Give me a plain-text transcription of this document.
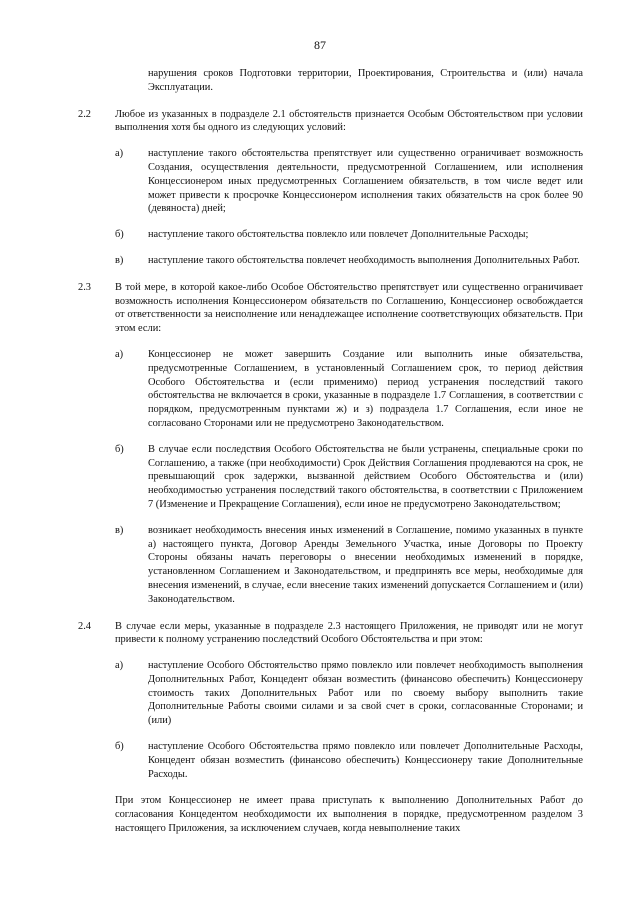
87

нарушения сроков Подготовки территории, Проектирования, Строительства и (или) начала Эксплуатации.

2.2	Любое из указанных в подразделе 2.1 обстоятельств признается Особым Обстоятельством при условии выполнения хотя бы одного из следующих условий:

а)	наступление такого обстоятельства препятствует или существенно ограничивает возможность Создания, осуществления деятельности, предусмотренной Соглашением, или исполнения Концессионером иных предусмотренных Соглашением обязательств, в том числе ведет или может привести к просрочке Концессионером исполнения таких обязательств на срок более 90 (девяноста) дней;

б)	наступление такого обстоятельства повлекло или повлечет Дополнительные Расходы;

в)	наступление такого обстоятельства повлечет необходимость выполнения Дополнительных Работ.

2.3	В той мере, в которой какое-либо Особое Обстоятельство препятствует или существенно ограничивает возможность исполнения Концессионером обязательств по Соглашению, Концессионер освобождается от ответственности за неисполнение или ненадлежащее исполнение соответствующих обязательств. При этом если:

а)	Концессионер не может завершить Создание или выполнить иные обязательства, предусмотренные Соглашением, в установленный Соглашением срок, то период действия Особого Обстоятельства и (если применимо) период устранения последствий такого обстоятельства не включается в сроки, указанные в подразделе 1.7 Соглашения, в соответствии с порядком, предусмотренным пунктами ж) и з) подраздела 1.7 Соглашения, если иное не согласовано Сторонами или не предусмотрено Законодательством.

б)	В случае если последствия Особого Обстоятельства не были устранены, специальные сроки по Соглашению, а также (при необходимости) Срок Действия Соглашения продлеваются на срок, не превышающий срок задержки, вызванной действием Особого Обстоятельства и (или) необходимостью устранения последствий такого обстоятельства, в соответствии с Приложением 7 (Изменение и Прекращение Соглашения), если иное не предусмотрено Законодательством;

в)	возникает необходимость внесения иных изменений в Соглашение, помимо указанных в пункте а) настоящего пункта, Договор Аренды Земельного Участка, иные Договоры по Проекту Стороны обязаны начать переговоры о внесении необходимых изменений в порядке, установленном Соглашением и Законодательством, и предпринять все меры, необходимые для внесения изменений, в случае, если внесение таких изменений допускается Соглашением и (или) Законодательством.

2.4	В случае если меры, указанные в подразделе 2.3 настоящего Приложения, не приводят или не могут привести к полному устранению последствий Особого Обстоятельства и при этом:

а)	наступление Особого Обстоятельство прямо повлекло или повлечет необходимость выполнения Дополнительных Работ, Концедент обязан возместить (финансово обеспечить) Концессионеру стоимость таких Дополнительных Работ или по своему выбору выполнить такие Дополнительные Работы своими силами и за свой счет в сроки, согласованные Сторонами; и (или)

б)	наступление Особого Обстоятельства прямо повлекло или повлечет Дополнительные Расходы, Концедент обязан возместить (финансово обеспечить) Концессионеру такие Дополнительные Расходы.

При этом Концессионер не имеет права приступать к выполнению Дополнительных Работ до согласования Концедентом необходимости их выполнения в порядке, предусмотренном разделом 3 настоящего Приложения, за исключением случаев, когда невыполнение таких
